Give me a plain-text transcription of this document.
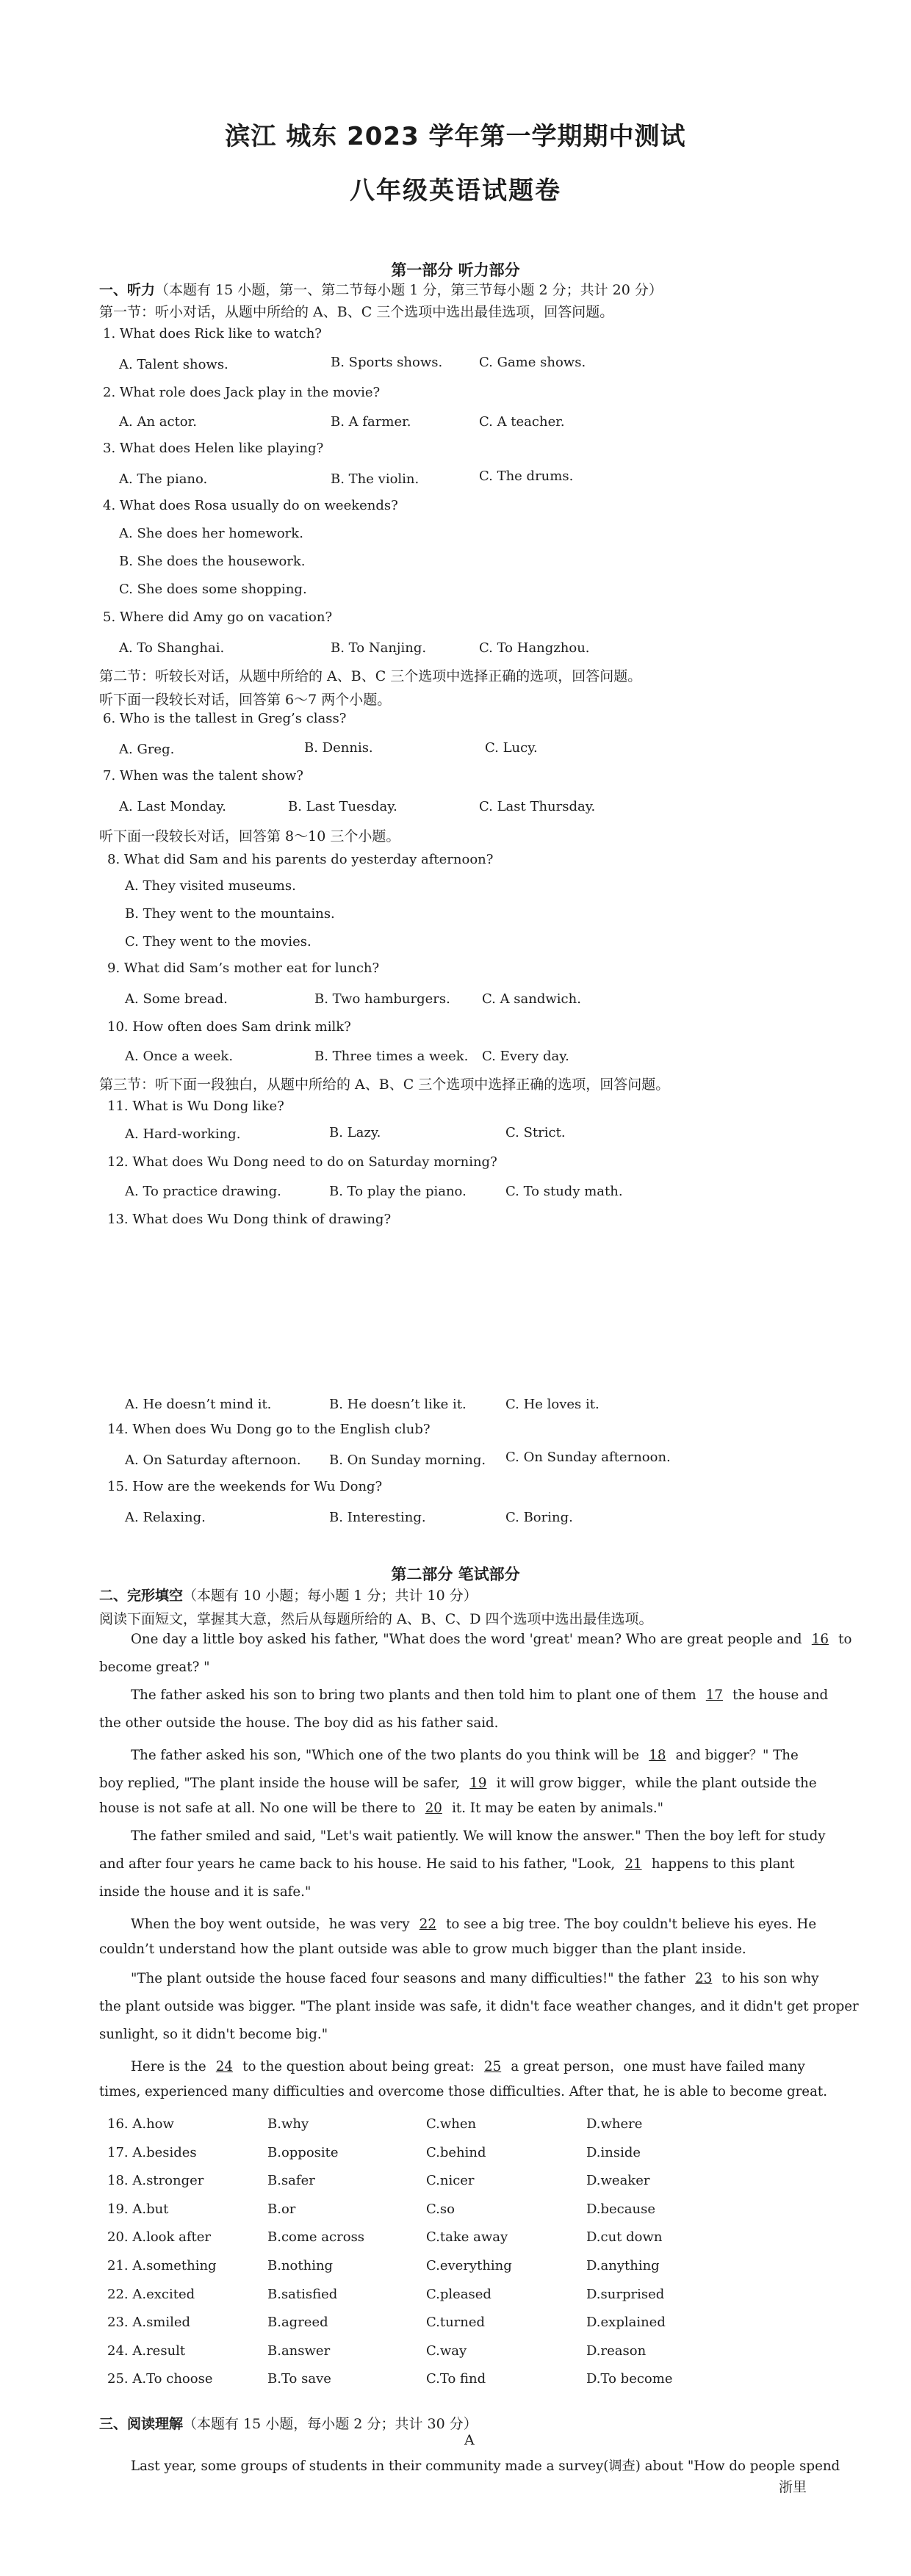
滨江 城东 2023 学年第一学期期中测试
八年级英语试题卷
第一部分 听力部分
一、听力（本题有 15 小题，第一、第二节每小题 1 分，第三节每小题 2 分；共计 20 分）
第一节：听小对话，从题中所给的 A、B、C 三个选项中选出最佳选项，回答问题。
1. What does Rick like to watch?
A. Talent shows.	B. Sports shows.	C. Game shows.
2. What role does Jack play in the movie?
A. An actor.	B. A farmer.	C. A teacher.
3. What does Helen like playing?
A. The piano.	B. The violin.	C. The drums.
4. What does Rosa usually do on weekends?
A. She does her homework.
B. She does the housework.
C. She does some shopping.
5. Where did Amy go on vacation?
A. To Shanghai.	B. To Nanjing.	C. To Hangzhou.
第二节：听较长对话，从题中所给的 A、B、C 三个选项中选择正确的选项，回答问题。
听下面一段较长对话，回答第 6～7 两个小题。
6. Who is the tallest in Greg’s class?
A. Greg.	B. Dennis.	C. Lucy.
7. When was the talent show?
A. Last Monday.	B. Last Tuesday.	C. Last Thursday.
听下面一段较长对话，回答第 8～10 三个小题。
8. What did Sam and his parents do yesterday afternoon?
A. They visited museums.
B. They went to the mountains.
C. They went to the movies.
9. What did Sam’s mother eat for lunch?
A. Some bread.	B. Two hamburgers. C. A sandwich.
10. How often does Sam drink milk?
A. Once a week.	B. Three times a week. C. Every day.
第三节：听下面一段独白，从题中所给的 A、B、C 三个选项中选择正确的选项，回答问题。
11. What is Wu Dong like?
A. Hard-working.	B. Lazy.	C. Strict.
12. What does Wu Dong need to do on Saturday morning?
A. To practice drawing.	B. To play the piano.	C. To study math.
13. What does Wu Dong think of drawing?
A. He doesn’t mind it.	B. He doesn’t like it.	C. He loves it.
14. When does Wu Dong go to the English club?
A. On Saturday afternoon. B. On Sunday morning. C. On Sunday afternoon.
15. How are the weekends for Wu Dong?
A. Relaxing.	B. Interesting.	C. Boring.
第二部分 笔试部分
二、完形填空（本题有 10 小题；每小题 1 分；共计 10 分）
阅读下面短文，掌握其大意，然后从每题所给的 A、B、C、D 四个选项中选出最佳选项。
One day a little boy asked his father, "What does the word 'great' mean? Who are great people and 16 to
become great? "
The father asked his son to bring two plants and then told him to plant one of them 17 the house and
the other outside the house. The boy did as his father said.
The father asked his son, "Which one of the two plants do you think will be 18 and bigger？" The
boy replied, "The plant inside the house will be safer, 19 it will grow bigger，while the plant outside the
house is not safe at all. No one will be there to 20 it. It may be eaten by animals."
The father smiled and said, "Let's wait patiently. We will know the answer." Then the boy left for study
and after four years he came back to his house. He said to his father, "Look, 21 happens to this plant
inside the house and it is safe."
When the boy went outside，he was very 22 to see a big tree. The boy couldn't believe his eyes. He
couldn’t understand how the plant outside was able to grow much bigger than the plant inside.
"The plant outside the house faced four seasons and many difficulties!" the father 23 to his son why
the plant outside was bigger. "The plant inside was safe, it didn't face weather changes, and it didn't get proper
sunlight, so it didn't become big."
Here is the 24 to the question about being great: 25 a great person，one must have failed many
times, experienced many difficulties and overcome those difficulties. After that, he is able to become great.
16. A.how	B.why	C.when	D.where
17. A.besides	B.opposite	C.behind	D.inside
18. A.stronger	B.safer	C.nicer	D.weaker
19. A.but	B.or	C.so	D.because
20. A.look after	B.come across	C.take away	D.cut down
21. A.something	B.nothing	C.everything	D.anything
22. A.excited	B.satisfied	C.pleased	D.surprised
23. A.smiled	B.agreed	C.turned	D.explained
24. A.result	B.answer	C.way	D.reason
25. A.To choose	B.To save	C.To find	D.To become
三、阅读理解（本题有 15 小题，每小题 2 分；共计 30 分）
A
Last year, some groups of students in their community made a survey(调查) about "How do people spend
浙里
